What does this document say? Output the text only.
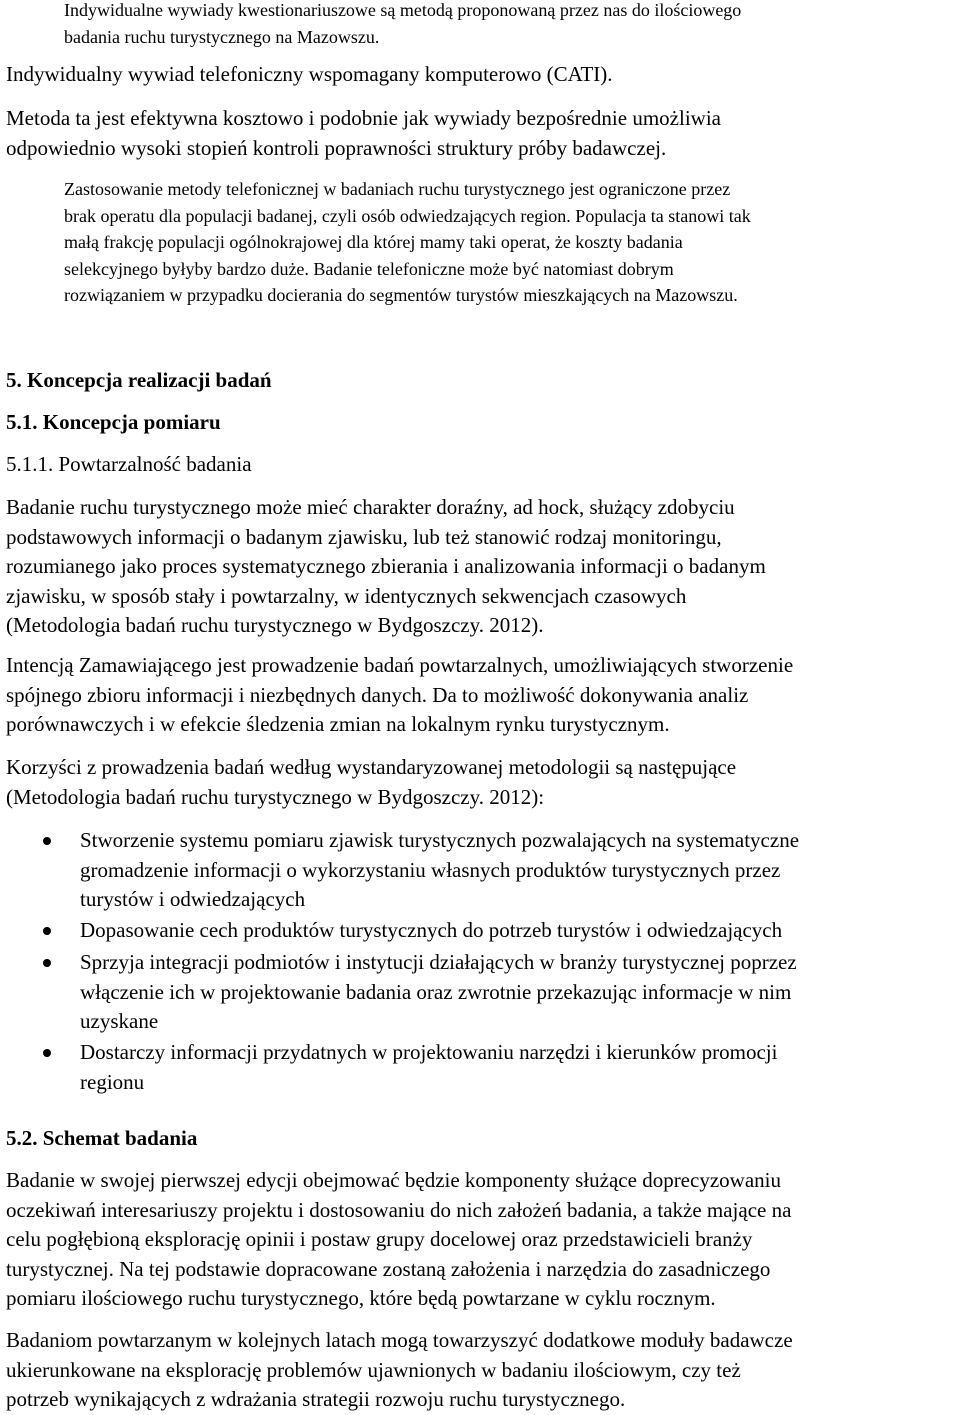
Indywidualne wywiady kwestionariuszowe są metodą proponowaną przez nas do ilościowego
badania ruchu turystycznego na Mazowszu.

Indywidualny wywiad telefoniczny wspomagany komputerowo (CATI).

Metoda ta jest efektywna kosztowo i podobnie jak wywiady bezpośrednie umożliwia
odpowiednio wysoki stopień kontroli poprawności struktury próby badawczej.

Zastosowanie metody telefonicznej w badaniach ruchu turystycznego jest ograniczone przez
brak operatu dla populacji badanej, czyli osób odwiedzających region. Populacja ta stanowi tak
małą frakcję populacji ogólnokrajowej dla której mamy taki operat, że koszty badania
selekcyjnego byłyby bardzo duże. Badanie telefoniczne może być natomiast dobrym
rozwiązaniem w przypadku docierania do segmentów turystów mieszkających na Mazowszu.

5. Koncepcja realizacji badań
5.1. Koncepcja pomiaru
5.1.1. Powtarzalność badania

Badanie ruchu turystycznego może mieć charakter doraźny, ad hock, służący zdobyciu
podstawowych informacji o badanym zjawisku, lub też stanowić rodzaj monitoringu,
rozumianego jako proces systematycznego zbierania i analizowania informacji o badanym
zjawisku, w sposób stały i powtarzalny, w identycznych sekwencjach czasowych
(Metodologia badań ruchu turystycznego w Bydgoszczy. 2012).

Intencją Zamawiającego jest prowadzenie badań powtarzalnych, umożliwiających stworzenie
spójnego zbioru informacji i niezbędnych danych. Da to możliwość dokonywania analiz
porównawczych i w efekcie śledzenia zmian na lokalnym rynku turystycznym.

Korzyści z prowadzenia badań według wystandaryzowanej metodologii są następujące
(Metodologia badań ruchu turystycznego w Bydgoszczy. 2012):

Stworzenie systemu pomiaru zjawisk turystycznych pozwalających na systematyczne
gromadzenie informacji o wykorzystaniu własnych produktów turystycznych przez
turystów i odwiedzających
Dopasowanie cech produktów turystycznych do potrzeb turystów i odwiedzających
Sprzyja integracji podmiotów i instytucji działających w branży turystycznej poprzez
włączenie ich w projektowanie badania oraz zwrotnie przekazując informacje w nim
uzyskane
Dostarczy informacji przydatnych w projektowaniu narzędzi i kierunków promocji
regionu
5.2. Schemat badania

Badanie w swojej pierwszej edycji obejmować będzie komponenty służące doprecyzowaniu
oczekiwań interesariuszy projektu i dostosowaniu do nich założeń badania, a także mające na
celu pogłębioną eksplorację opinii i postaw grupy docelowej oraz przedstawicieli branży
turystycznej. Na tej podstawie dopracowane zostaną założenia i narzędzia do zasadniczego
pomiaru ilościowego ruchu turystycznego, które będą powtarzane w cyklu rocznym.

Badaniom powtarzanym w kolejnych latach mogą towarzyszyć dodatkowe moduły badawcze
ukierunkowane na eksplorację problemów ujawnionych w badaniu ilościowym, czy też
potrzeb wynikających z wdrażania strategii rozwoju ruchu turystycznego.
